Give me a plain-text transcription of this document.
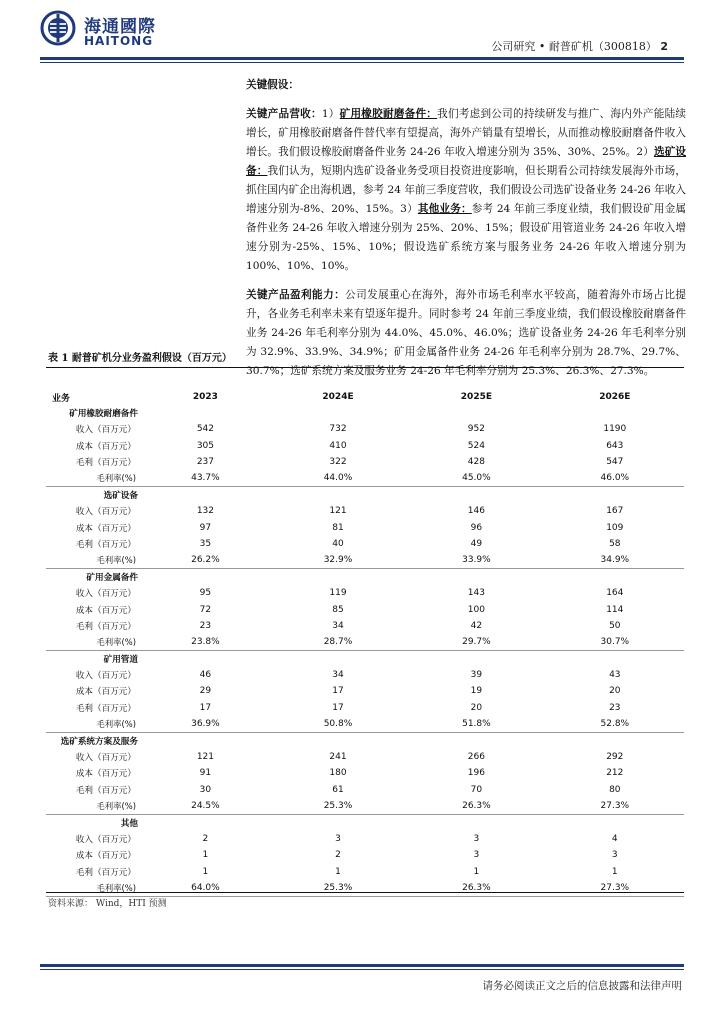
海通國際
HAITONG	公司研究 • 耐普矿机（300818） 2

关键假设：

关键产品营收：1）矿用橡胶耐磨备件：我们考虑到公司的持续研发与推广、海内外产能陆续增长，矿用橡胶耐磨备件替代率有望提高，海外产销量有望增长，从而推动橡胶耐磨备件收入增长。我们假设橡胶耐磨备件业务 24-26 年收入增速分别为 35%、30%、25%。2）选矿设备：我们认为，短期内选矿设备业务受项目投资进度影响，但长期看公司持续发展海外市场，抓住国内矿企出海机遇，参考 24 年前三季度营收，我们假设公司选矿设备业务 24-26 年收入增速分别为-8%、20%、15%。3）其他业务：参考 24 年前三季度业绩，我们假设矿用金属备件业务 24-26 年收入增速分别为 25%、20%、15%；假设矿用管道业务 24-26 年收入增速分别为-25%、15%、10%；假设选矿系统方案与服务业务 24-26 年收入增速分别为 100%、10%、10%。

关键产品盈利能力：公司发展重心在海外，海外市场毛利率水平较高，随着海外市场占比提升，各业务毛利率未来有望逐年提升。同时参考 24 年前三季度业绩，我们假设橡胶耐磨备件业务 24-26 年毛利率分别为 44.0%、45.0%、46.0%；选矿设备业务 24-26 年毛利率分别为 32.9%、33.9%、34.9%；矿用金属备件业务 24-26 年毛利率分别为 28.7%、29.7%、30.7%；选矿系统方案及服务业务 24-26 年毛利率分别为 25.3%、26.3%、27.3%。

表 1 耐普矿机分业务盈利假设（百万元）
业务	2023	2024E	2025E	2026E
矿用橡胶耐磨备件				
收入（百万元）	542	732	952	1190
成本（百万元）	305	410	524	643
毛利（百万元）	237	322	428	547
毛利率(%)	43.7%	44.0%	45.0%	46.0%
选矿设备				
收入（百万元）	132	121	146	167
成本（百万元）	97	81	96	109
毛利（百万元）	35	40	49	58
毛利率(%)	26.2%	32.9%	33.9%	34.9%
矿用金属备件				
收入（百万元）	95	119	143	164
成本（百万元）	72	85	100	114
毛利（百万元）	23	34	42	50
毛利率(%)	23.8%	28.7%	29.7%	30.7%
矿用管道				
收入（百万元）	46	34	39	43
成本（百万元）	29	17	19	20
毛利（百万元）	17	17	20	23
毛利率(%)	36.9%	50.8%	51.8%	52.8%
选矿系统方案及服务				
收入（百万元）	121	241	266	292
成本（百万元）	91	180	196	212
毛利（百万元）	30	61	70	80
毛利率(%)	24.5%	25.3%	26.3%	27.3%
其他				
收入（百万元）	2	3	3	4
成本（百万元）	1	2	3	3
毛利（百万元）	1	1	1	1
毛利率(%)	64.0%	25.3%	26.3%	27.3%
资料来源： Wind，HTI 预测
请务必阅读正文之后的信息披露和法律声明
